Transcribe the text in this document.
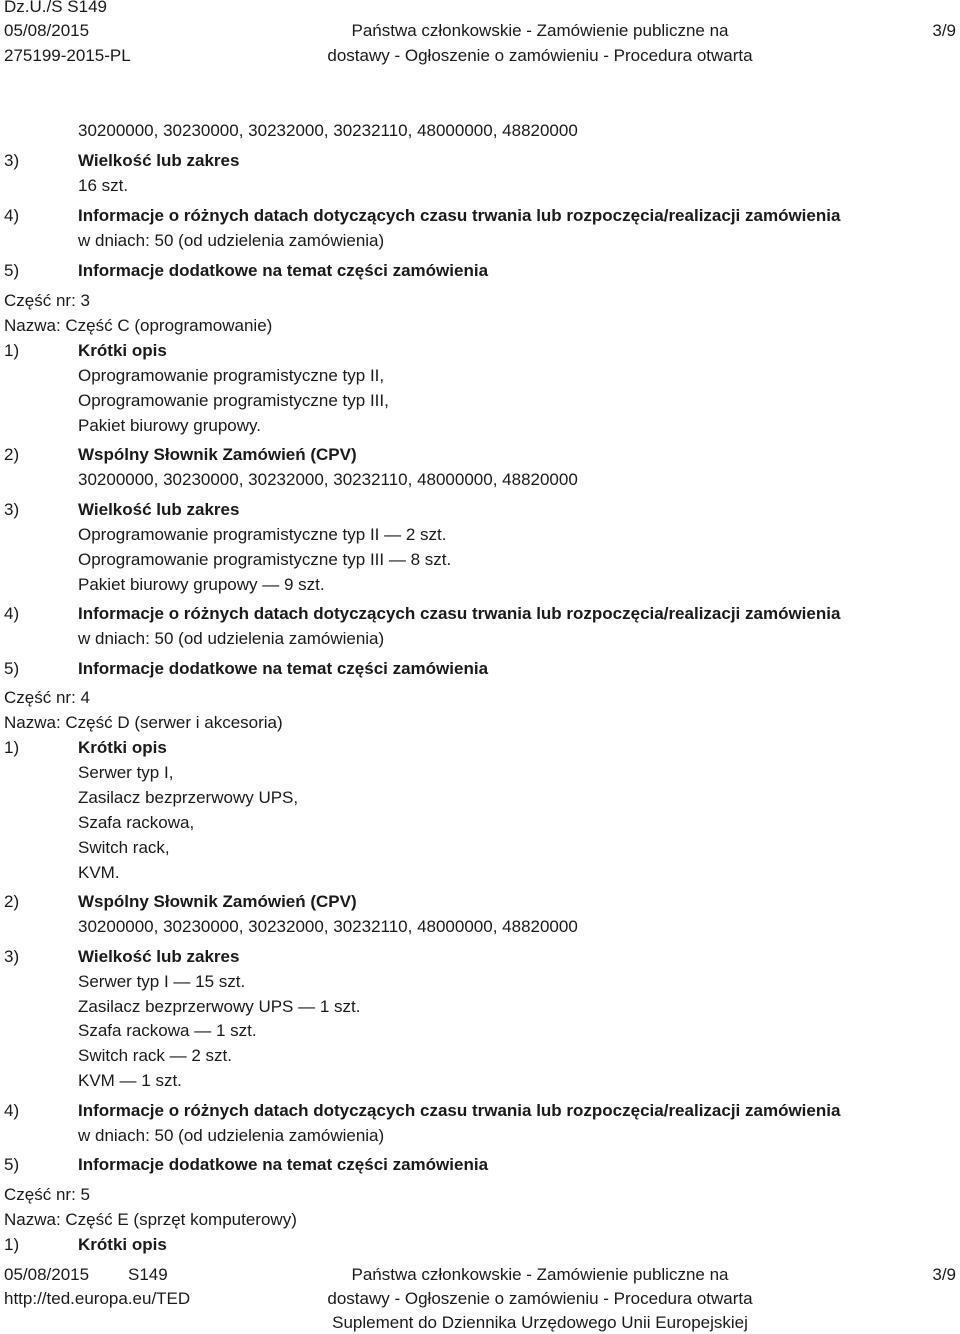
Dz.U./S S149
05/08/2015
275199-2015-PL
Państwa członkowskie - Zamówienie publiczne na
dostawy - Ogłoszenie o zamówieniu - Procedura otwarta
3/9
30200000, 30230000, 30232000, 30232110, 48000000, 48820000
3)	Wielkość lub zakres
16 szt.
4)	Informacje o różnych datach dotyczących czasu trwania lub rozpoczęcia/realizacji zamówienia
w dniach: 50 (od udzielenia zamówienia)
5)	Informacje dodatkowe na temat części zamówienia
Część nr: 3
Nazwa: Część C (oprogramowanie)
1)	Krótki opis
Oprogramowanie programistyczne typ II,
Oprogramowanie programistyczne typ III,
Pakiet biurowy grupowy.
2)	Wspólny Słownik Zamówień (CPV)
30200000, 30230000, 30232000, 30232110, 48000000, 48820000
3)	Wielkość lub zakres
Oprogramowanie programistyczne typ II — 2 szt.
Oprogramowanie programistyczne typ III — 8 szt.
Pakiet biurowy grupowy — 9 szt.
4)	Informacje o różnych datach dotyczących czasu trwania lub rozpoczęcia/realizacji zamówienia
w dniach: 50 (od udzielenia zamówienia)
5)	Informacje dodatkowe na temat części zamówienia
Część nr: 4
Nazwa: Część D (serwer i akcesoria)
1)	Krótki opis
Serwer typ I,
Zasilacz bezprzerwowy UPS,
Szafa rackowa,
Switch rack,
KVM.
2)	Wspólny Słownik Zamówień (CPV)
30200000, 30230000, 30232000, 30232110, 48000000, 48820000
3)	Wielkość lub zakres
Serwer typ I — 15 szt.
Zasilacz bezprzerwowy UPS — 1 szt.
Szafa rackowa — 1 szt.
Switch rack — 2 szt.
KVM — 1 szt.
4)	Informacje o różnych datach dotyczących czasu trwania lub rozpoczęcia/realizacji zamówienia
w dniach: 50 (od udzielenia zamówienia)
5)	Informacje dodatkowe na temat części zamówienia
Część nr: 5
Nazwa: Część E (sprzęt komputerowy)
1)	Krótki opis
05/08/2015 S149
http://ted.europa.eu/TED
Państwa członkowskie - Zamówienie publiczne na
dostawy - Ogłoszenie o zamówieniu - Procedura otwarta
Suplement do Dziennika Urzędowego Unii Europejskiej
3/9
